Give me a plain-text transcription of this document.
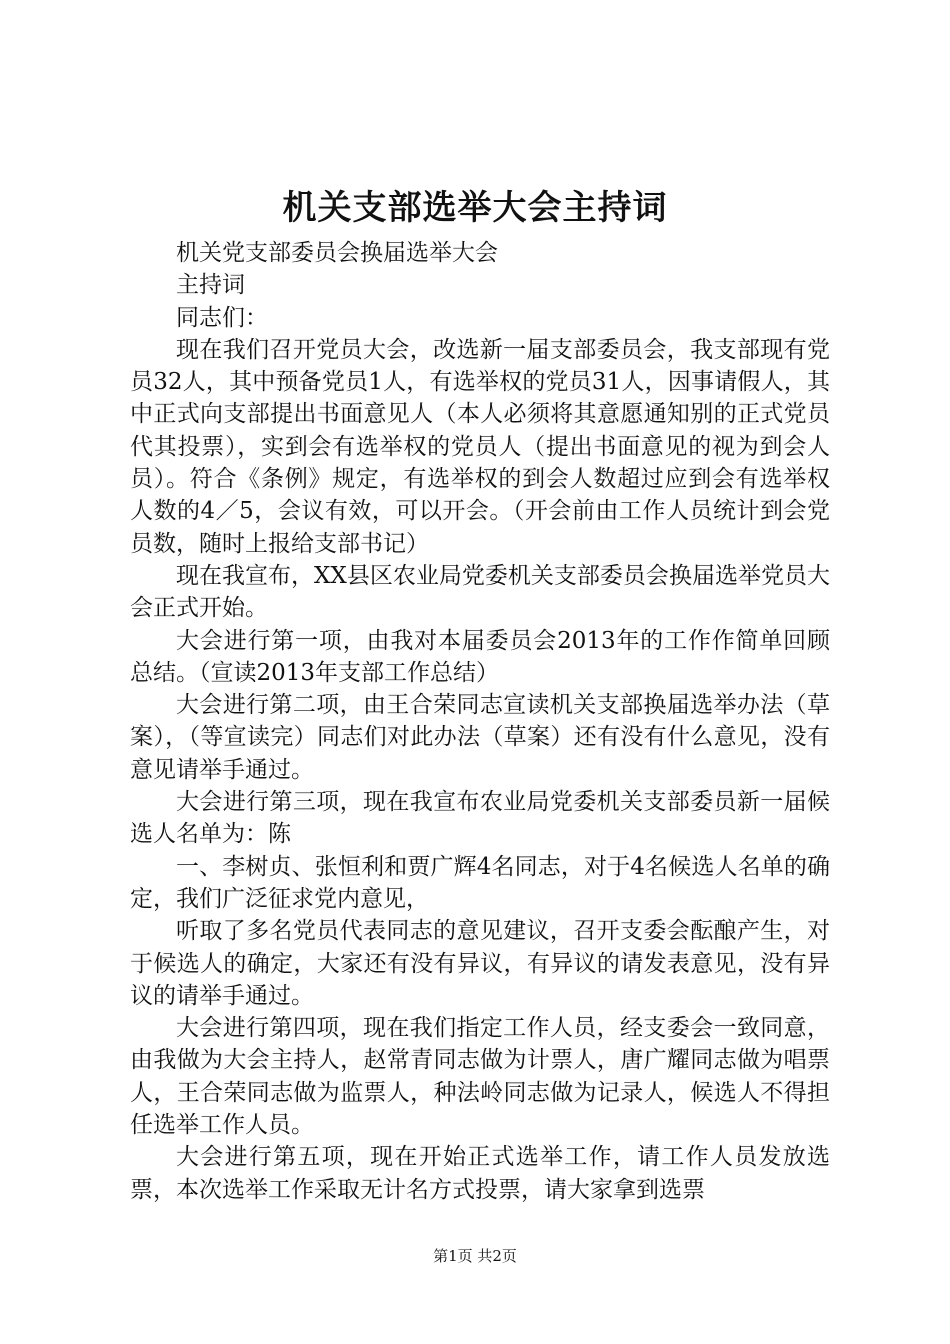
机关支部选举大会主持词

机关党支部委员会换届选举大会

主持词

同志们：

现在我们召开党员大会，改选新一届支部委员会，我支部现有党员32人，其中预备党员1人，有选举权的党员31人，因事请假人，其中正式向支部提出书面意见人（本人必须将其意愿通知别的正式党员代其投票），实到会有选举权的党员人（提出书面意见的视为到会人员）。符合《条例》规定，有选举权的到会人数超过应到会有选举权人数的4／5，会议有效，可以开会。（开会前由工作人员统计到会党员数，随时上报给支部书记）

现在我宣布，XX县区农业局党委机关支部委员会换届选举党员大会正式开始。

大会进行第一项，由我对本届委员会2013年的工作作简单回顾总结。（宣读2013年支部工作总结）

大会进行第二项，由王合荣同志宣读机关支部换届选举办法（草案），（等宣读完）同志们对此办法（草案）还有没有什么意见，没有意见请举手通过。

大会进行第三项，现在我宣布农业局党委机关支部委员新一届候选人名单为：陈

一、李树贞、张恒利和贾广辉4名同志，对于4名候选人名单的确定，我们广泛征求党内意见，

听取了多名党员代表同志的意见建议，召开支委会酝酿产生，对于候选人的确定，大家还有没有异议，有异议的请发表意见，没有异议的请举手通过。

大会进行第四项，现在我们指定工作人员，经支委会一致同意，由我做为大会主持人，赵常青同志做为计票人，唐广耀同志做为唱票人，王合荣同志做为监票人，种法岭同志做为记录人，候选人不得担任选举工作人员。

大会进行第五项，现在开始正式选举工作，请工作人员发放选票，本次选举工作采取无计名方式投票，请大家拿到选票

第1页 共2页
